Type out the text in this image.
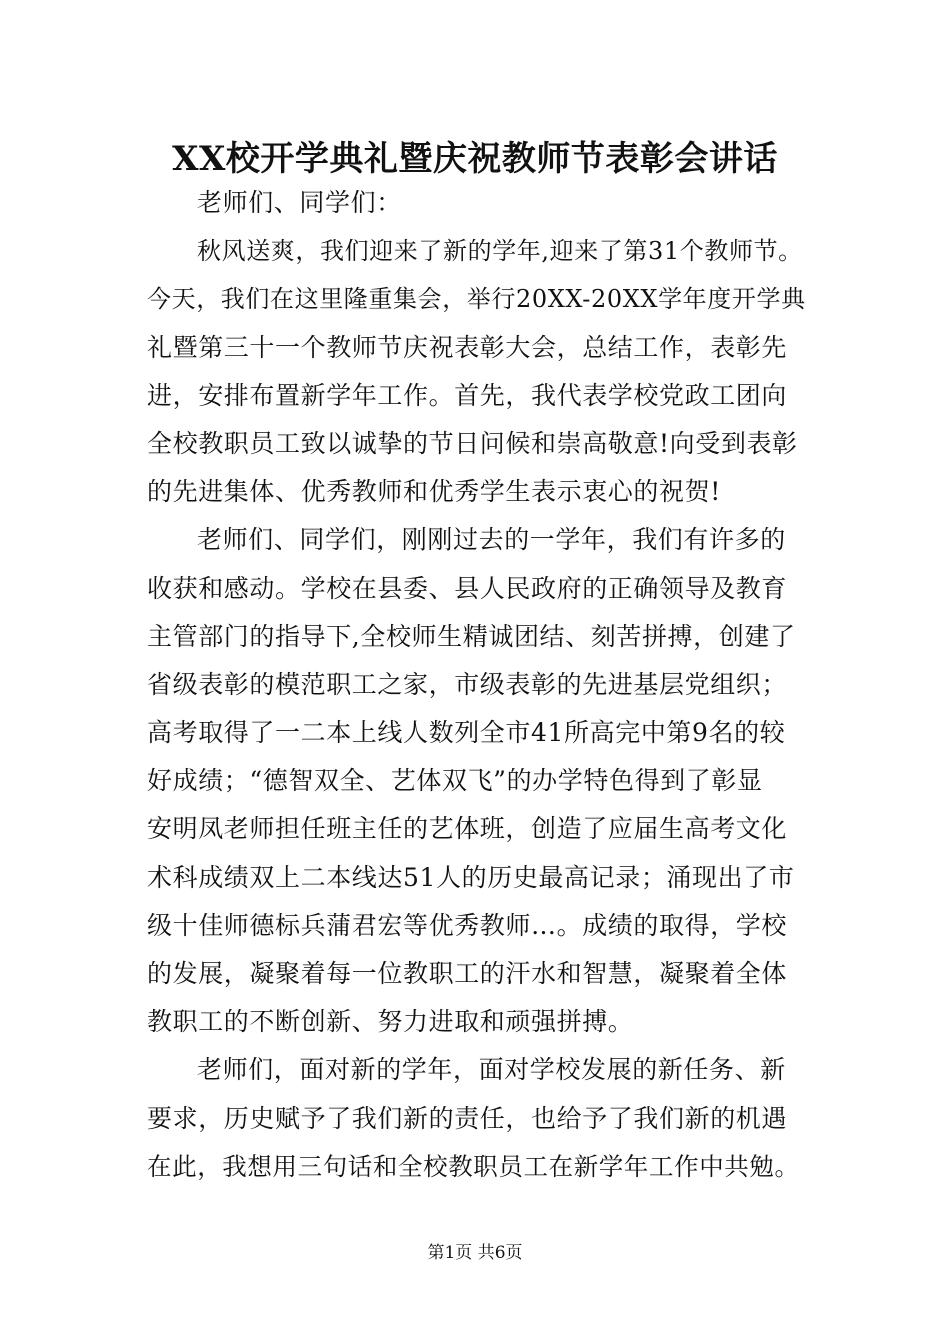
XX校开学典礼暨庆祝教师节表彰会讲话
老师们、同学们：
秋风送爽，我们迎来了新的学年,迎来了第31个教师节。
今天，我们在这里隆重集会，举行20XX-20XX学年度开学典
礼暨第三十一个教师节庆祝表彰大会，总结工作，表彰先
进，安排布置新学年工作。首先，我代表学校党政工团向
全校教职员工致以诚挚的节日问候和崇高敬意!向受到表彰
的先进集体、优秀教师和优秀学生表示衷心的祝贺!
老师们、同学们，刚刚过去的一学年，我们有许多的
收获和感动。学校在县委、县人民政府的正确领导及教育
主管部门的指导下,全校师生精诚团结、刻苦拼搏，创建了
省级表彰的模范职工之家，市级表彰的先进基层党组织；
高考取得了一二本上线人数列全市41所高完中第9名的较
好成绩；“德智双全、艺体双飞”的办学特色得到了彰显
安明凤老师担任班主任的艺体班，创造了应届生高考文化
术科成绩双上二本线达51人的历史最高记录；涌现出了市
级十佳师德标兵蒲君宏等优秀教师…。成绩的取得，学校
的发展，凝聚着每一位教职工的汗水和智慧，凝聚着全体
教职工的不断创新、努力进取和顽强拼搏。
老师们，面对新的学年，面对学校发展的新任务、新
要求，历史赋予了我们新的责任，也给予了我们新的机遇
在此，我想用三句话和全校教职员工在新学年工作中共勉。
第1页 共6页
